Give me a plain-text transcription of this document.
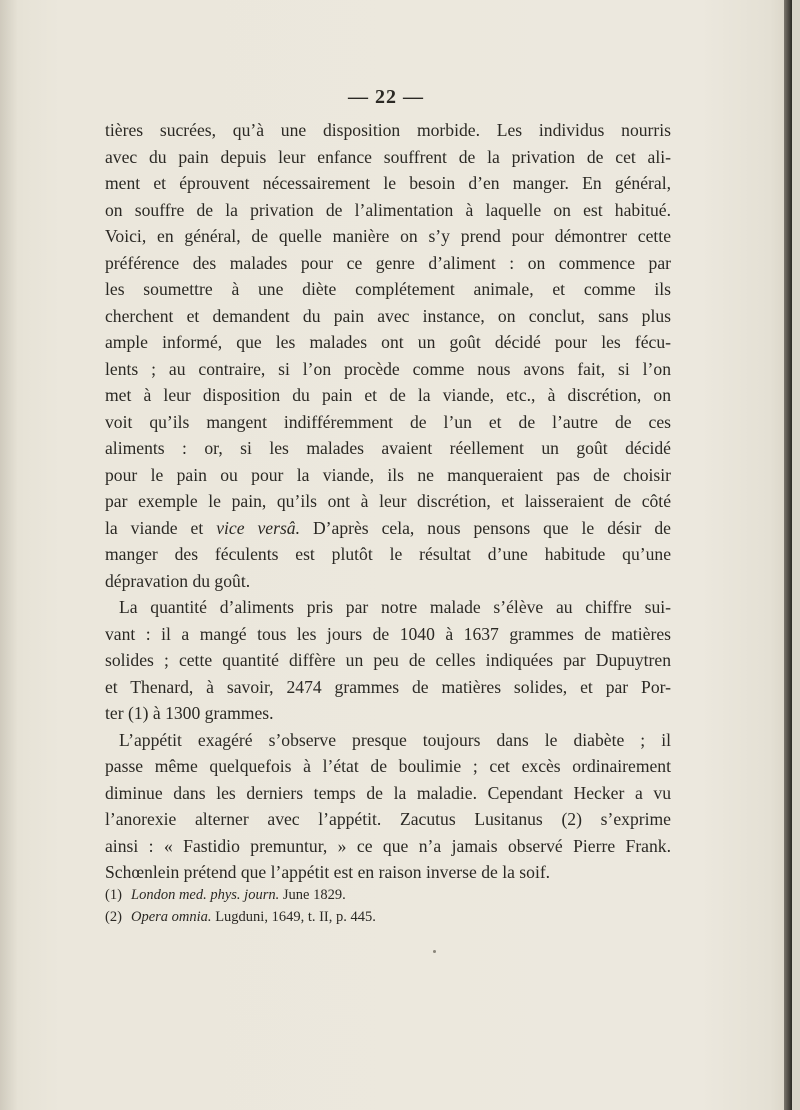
— 22 —

tières sucrées, qu’à une disposition morbide. Les individus nourris
avec du pain depuis leur enfance souffrent de la privation de cet ali-
ment et éprouvent nécessairement le besoin d’en manger. En général,
on souffre de la privation de l’alimentation à laquelle on est habitué.
Voici, en général, de quelle manière on s’y prend pour démontrer cette
préférence des malades pour ce genre d’aliment : on commence par
les soumettre à une diète complétement animale, et comme ils
cherchent et demandent du pain avec instance, on conclut, sans plus
ample informé, que les malades ont un goût décidé pour les fécu-
lents ; au contraire, si l’on procède comme nous avons fait, si l’on
met à leur disposition du pain et de la viande, etc., à discrétion, on
voit qu’ils mangent indifféremment de l’un et de l’autre de ces
aliments : or, si les malades avaient réellement un goût décidé
pour le pain ou pour la viande, ils ne manqueraient pas de choisir
par exemple le pain, qu’ils ont à leur discrétion, et laisseraient de côté
la viande et vice versâ. D’après cela, nous pensons que le désir de
manger des féculents est plutôt le résultat d’une habitude qu’une
dépravation du goût.

La quantité d’aliments pris par notre malade s’élève au chiffre sui-
vant : il a mangé tous les jours de 1040 à 1637 grammes de matières
solides ; cette quantité diffère un peu de celles indiquées par Dupuytren
et Thenard, à savoir, 2474 grammes de matières solides, et par Por-
ter (1) à 1300 grammes.

L’appétit exagéré s’observe presque toujours dans le diabète ; il
passe même quelquefois à l’état de boulimie ; cet excès ordinairement
diminue dans les derniers temps de la maladie. Cependant Hecker a vu
l’anorexie alterner avec l’appétit. Zacutus Lusitanus (2) s’exprime
ainsi : « Fastidio premuntur, » ce que n’a jamais observé Pierre Frank.
Schœnlein prétend que l’appétit est en raison inverse de la soif.

(1) London med. phys. journ. June 1829.
(2) Opera omnia. Lugduni, 1649, t. II, p. 445.
